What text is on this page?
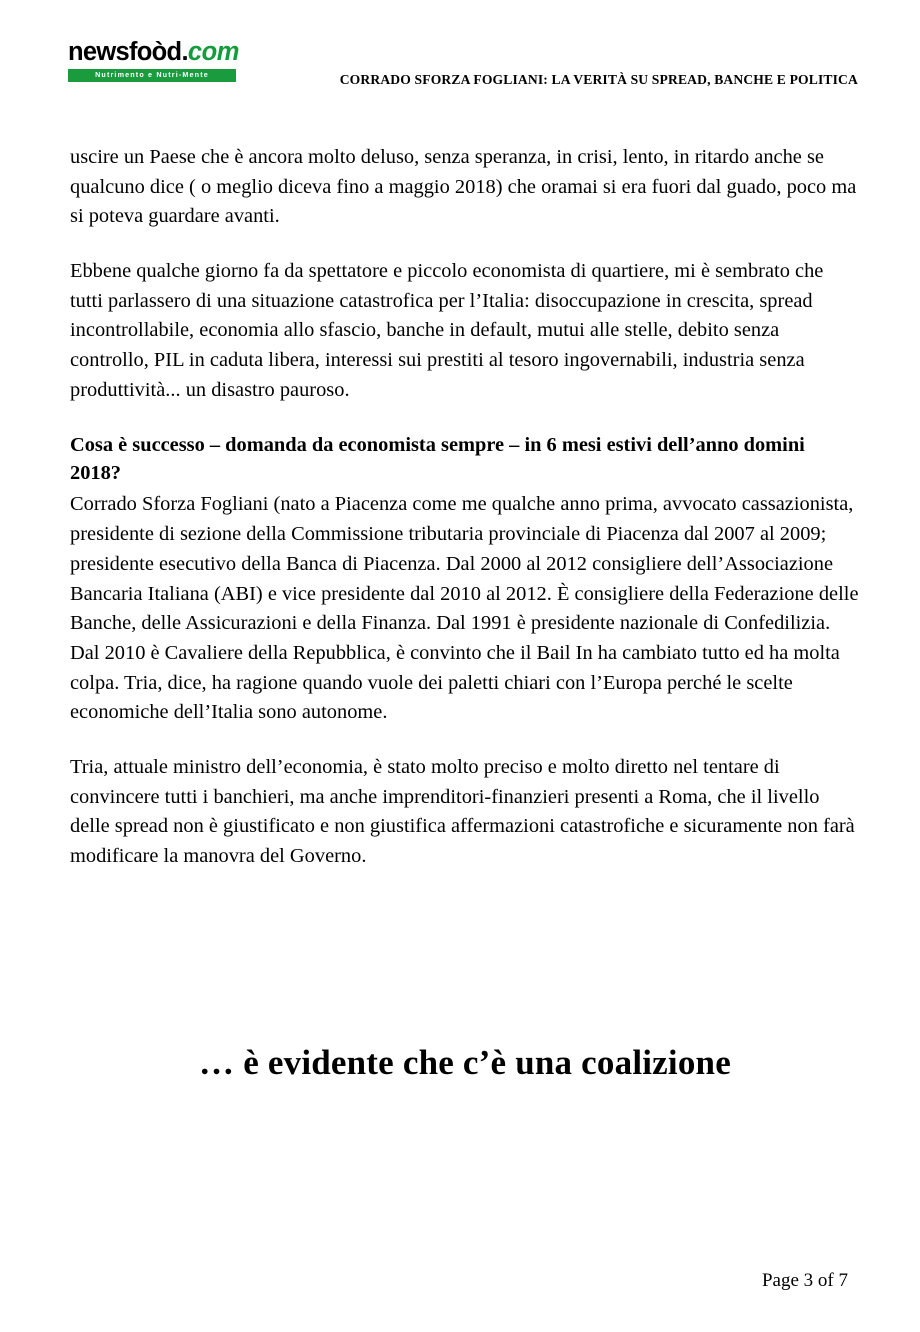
newsfoòd.com
Nutrimento e Nutri-Mente	CORRADO SFORZA FOGLIANI: LA VERITÀ SU SPREAD, BANCHE E POLITICA

uscire un Paese che è ancora molto deluso, senza speranza, in crisi, lento, in ritardo anche se qualcuno dice ( o meglio diceva fino a maggio 2018) che oramai si era fuori dal guado, poco ma si poteva guardare avanti.

Ebbene qualche giorno fa da spettatore e piccolo economista di quartiere, mi è sembrato che tutti parlassero di una situazione catastrofica per l’Italia: disoccupazione in crescita, spread incontrollabile, economia allo sfascio, banche in default, mutui alle stelle, debito senza controllo, PIL in caduta libera, interessi sui prestiti al tesoro ingovernabili, industria senza produttività... un disastro pauroso.

Cosa è successo – domanda da economista sempre – in 6 mesi estivi dell’anno domini 2018?

Corrado Sforza Fogliani (nato a Piacenza come me qualche anno prima, avvocato cassazionista, presidente di sezione della Commissione tributaria provinciale di Piacenza dal 2007 al 2009; presidente esecutivo della Banca di Piacenza. Dal 2000 al 2012 consigliere dell’Associazione Bancaria Italiana (ABI) e vice presidente dal 2010 al 2012. È consigliere della Federazione delle Banche, delle Assicurazioni e della Finanza. Dal 1991 è presidente nazionale di Confedilizia. Dal 2010 è Cavaliere della Repubblica, è convinto che il Bail In ha cambiato tutto ed ha molta colpa. Tria, dice, ha ragione quando vuole dei paletti chiari con l’Europa perché le scelte economiche dell’Italia sono autonome.

Tria, attuale ministro dell’economia, è stato molto preciso e molto diretto nel tentare di convincere tutti i banchieri, ma anche imprenditori-finanzieri presenti a Roma, che il livello delle spread non è giustificato e non giustifica affermazioni catastrofiche e sicuramente non farà modificare la manovra del Governo.

… è evidente che c’è una coalizione
Page 3 of 7
